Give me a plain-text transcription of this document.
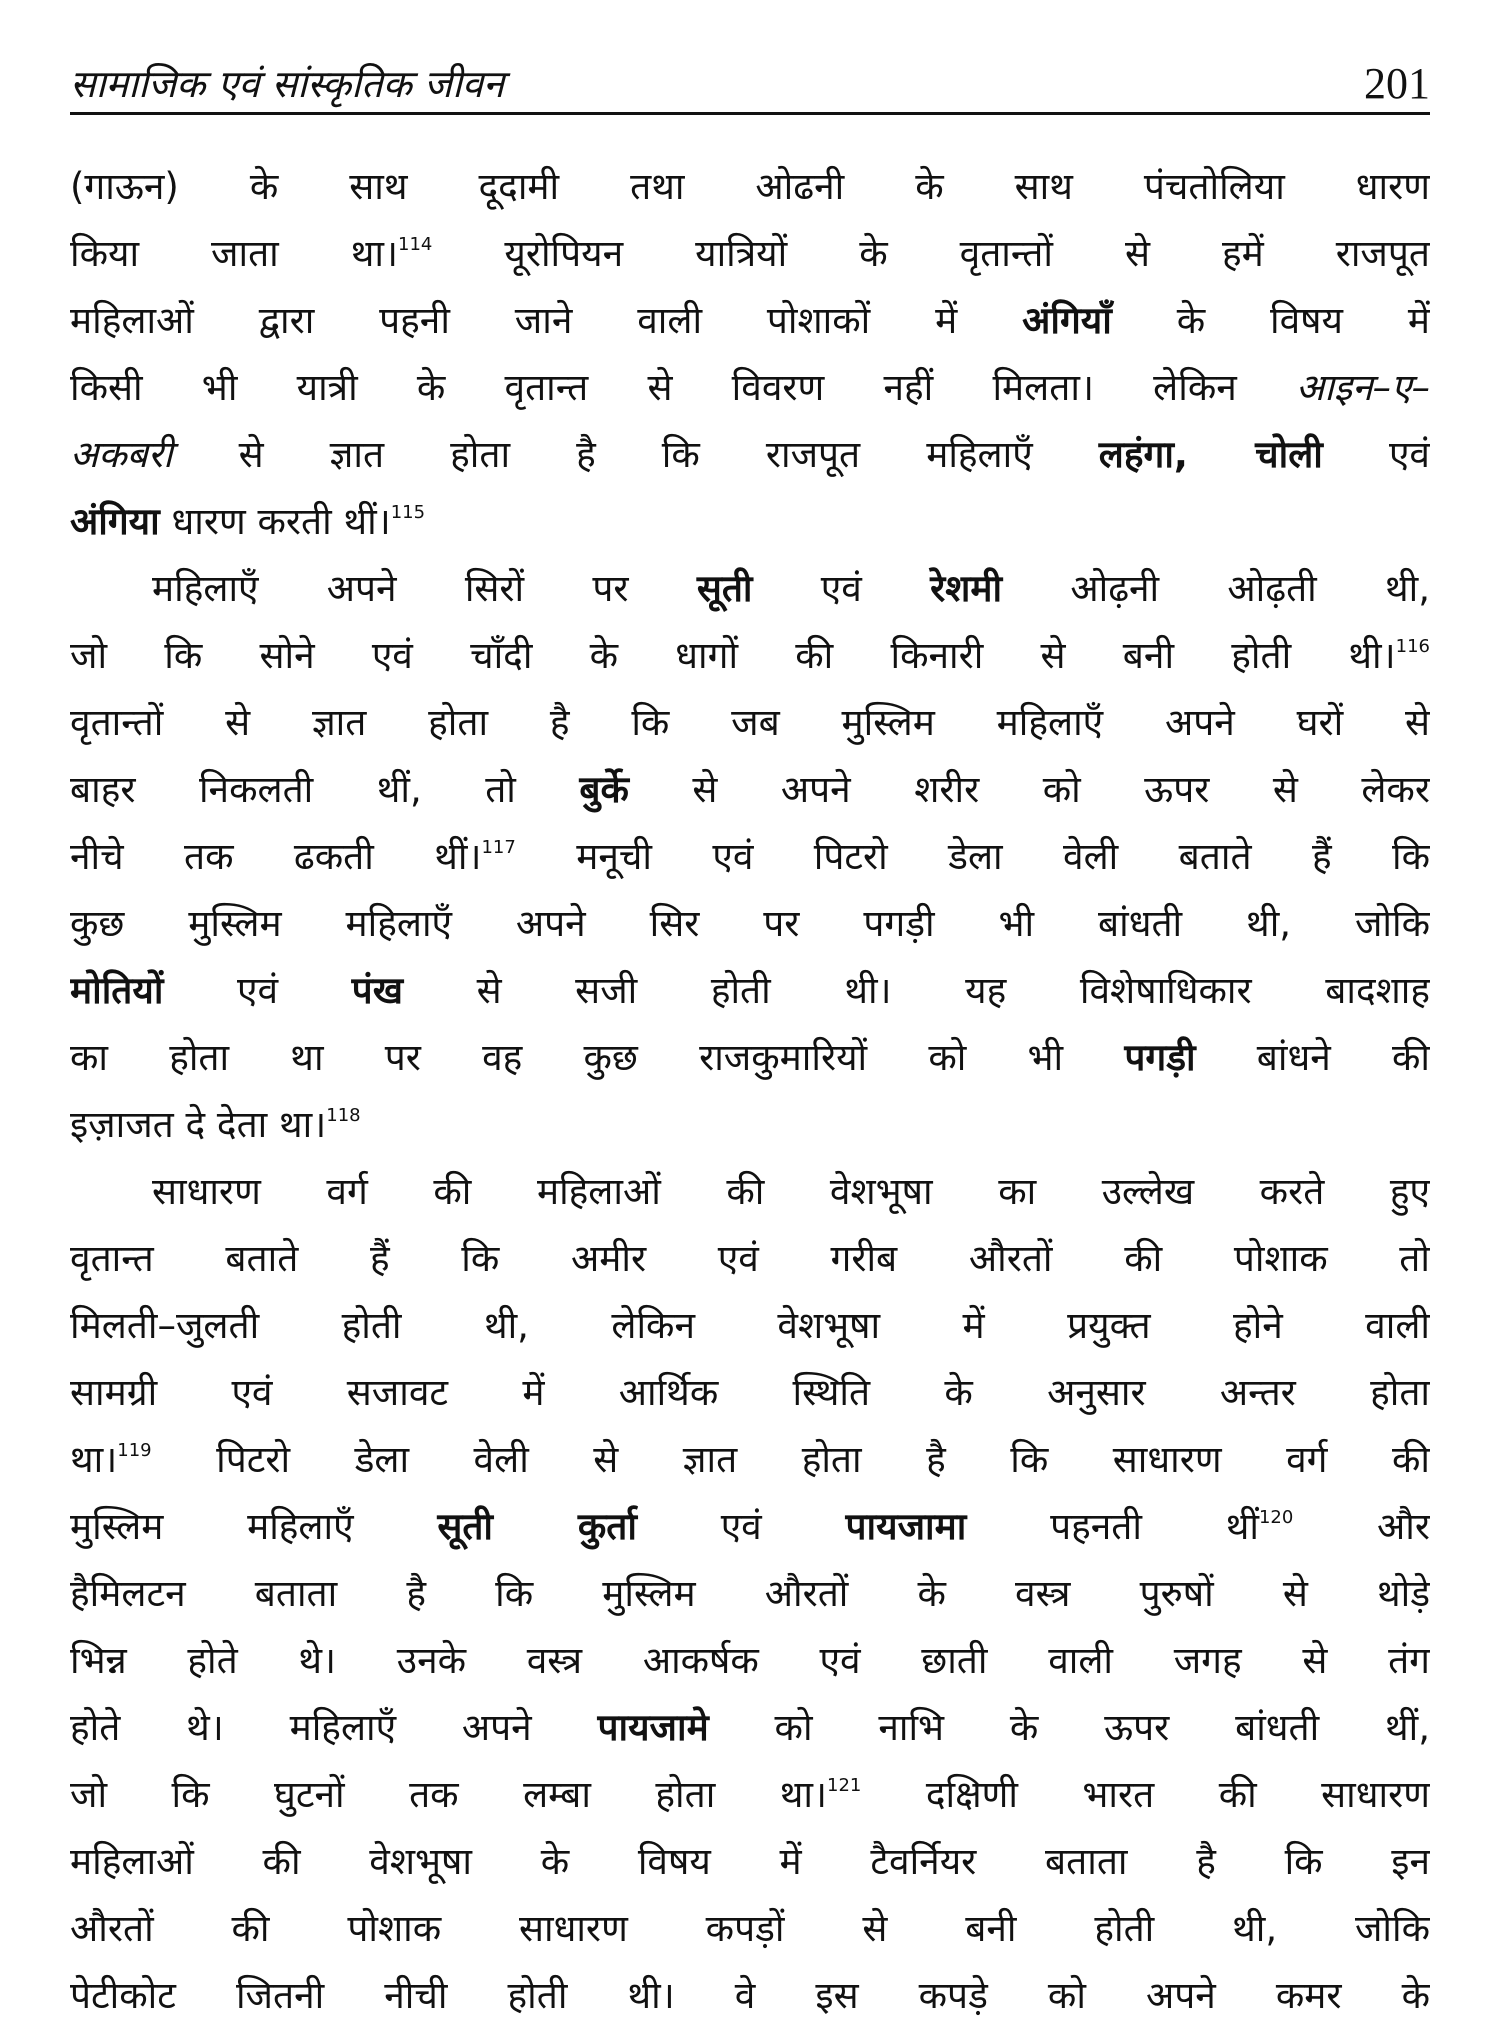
सामाजिक एवं सांस्कृतिक जीवन	201
(गाऊन) के साथ दूदामी तथा ओढनी के साथ पंचतोलिया धारण
किया जाता था।$^{114}$ यूरोपियन यात्रियों के वृतान्तों से हमें राजपूत
महिलाओं द्वारा पहनी जाने वाली पोशाकों में अंगियाँ के विषय में
किसी भी यात्री के वृतान्त से विवरण नहीं मिलता। लेकिन आइन–ए–
अकबरी से ज्ञात होता है कि राजपूत महिलाएँ लहंगा, चोली एवं
अंगिया धारण करती थीं।$^{115}$
महिलाएँ अपने सिरों पर सूती एवं रेशमी ओढ़नी ओढ़ती थी,
जो कि सोने एवं चाँदी के धागों की किनारी से बनी होती थी।$^{116}$
वृतान्तों से ज्ञात होता है कि जब मुस्लिम महिलाएँ अपने घरों से
बाहर निकलती थीं, तो बुर्के से अपने शरीर को ऊपर से लेकर
नीचे तक ढकती थीं।$^{117}$ मनूची एवं पिटरो डेला वेली बताते हैं कि
कुछ मुस्लिम महिलाएँ अपने सिर पर पगड़ी भी बांधती थी, जोकि
मोतियों एवं पंख से सजी होती थी। यह विशेषाधिकार बादशाह
का होता था पर वह कुछ राजकुमारियों को भी पगड़ी बांधने की
इज़ाजत दे देता था।$^{118}$
साधारण वर्ग की महिलाओं की वेशभूषा का उल्लेख करते हुए
वृतान्त बताते हैं कि अमीर एवं गरीब औरतों की पोशाक तो
मिलती–जुलती होती थी, लेकिन वेशभूषा में प्रयुक्त होने वाली
सामग्री एवं सजावट में आर्थिक स्थिति के अनुसार अन्तर होता
था।$^{119}$ पिटरो डेला वेली से ज्ञात होता है कि साधारण वर्ग की
मुस्लिम महिलाएँ सूती कुर्ता एवं पायजामा पहनती थीं$^{120}$ और
हैमिलटन बताता है कि मुस्लिम औरतों के वस्त्र पुरुषों से थोड़े
भिन्न होते थे। उनके वस्त्र आकर्षक एवं छाती वाली जगह से तंग
होते थे। महिलाएँ अपने पायजामे को नाभि के ऊपर बांधती थीं,
जो कि घुटनों तक लम्बा होता था।$^{121}$ दक्षिणी भारत की साधारण
महिलाओं की वेशभूषा के विषय में टैवर्नियर बताता है कि इन
औरतों की पोशाक साधारण कपड़ों से बनी होती थी, जोकि
पेटीकोट जितनी नीची होती थी। वे इस कपड़े को अपने कमर के
